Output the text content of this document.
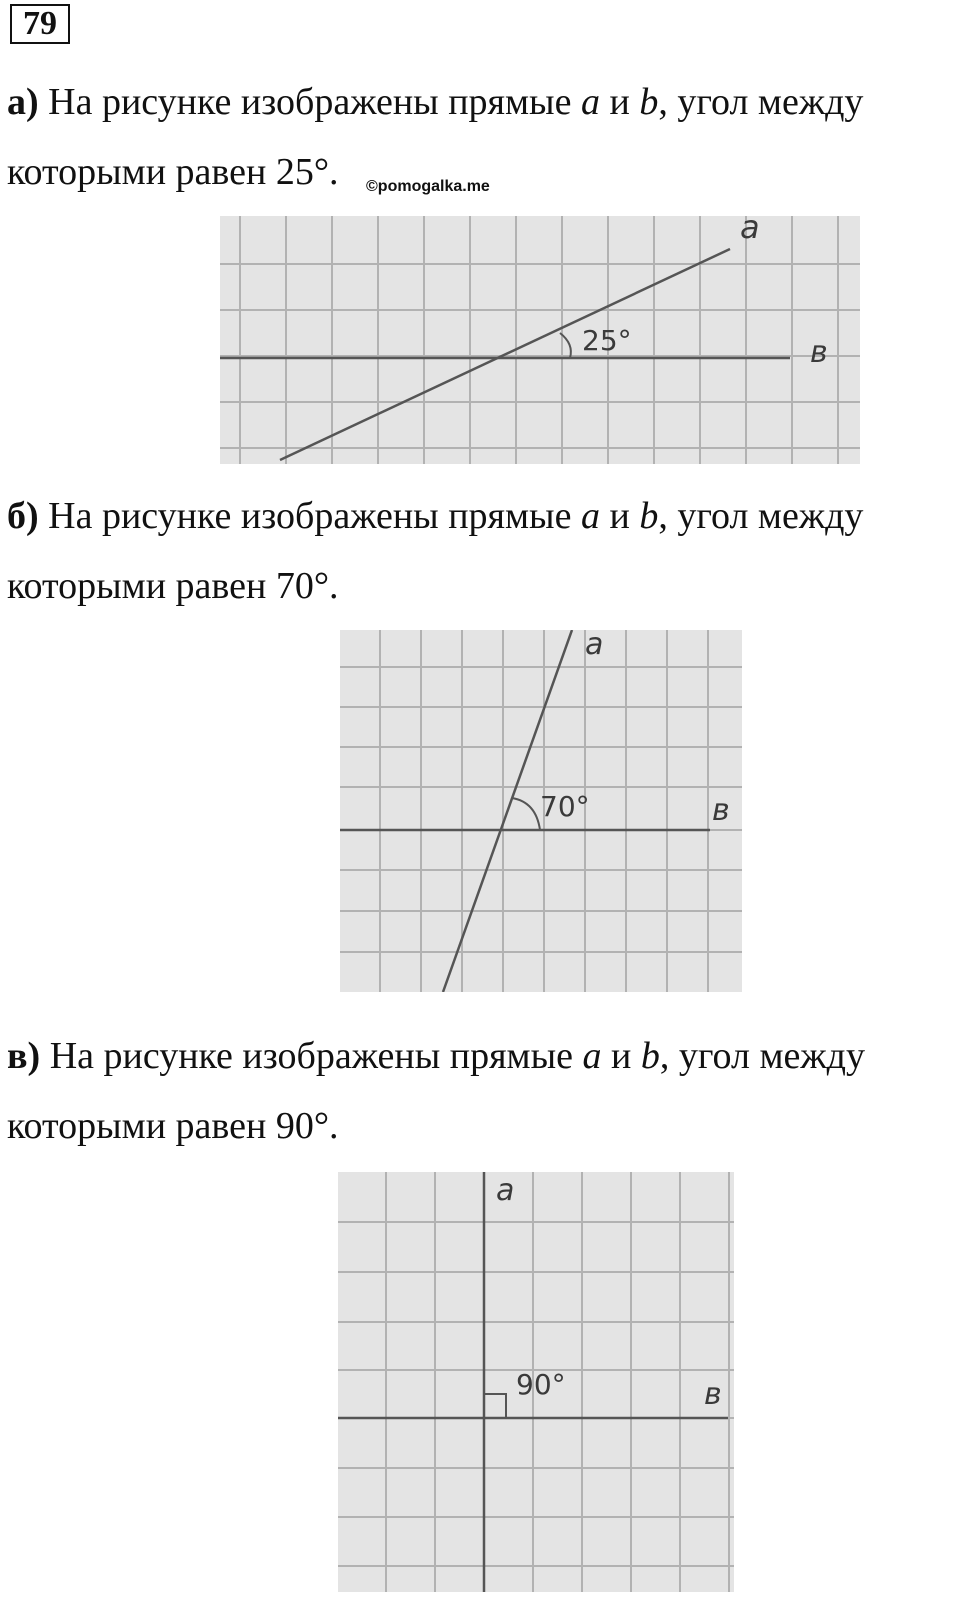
79
а) На рисунке изображены прямые a и b, угол между
которыми равен 25°. ©pomogalka.me
25°
a
в
б) На рисунке изображены прямые a и b, угол между
которыми равен 70°.
70°
a
в
в) На рисунке изображены прямые a и b, угол между
которыми равен 90°.
90°
a
в
